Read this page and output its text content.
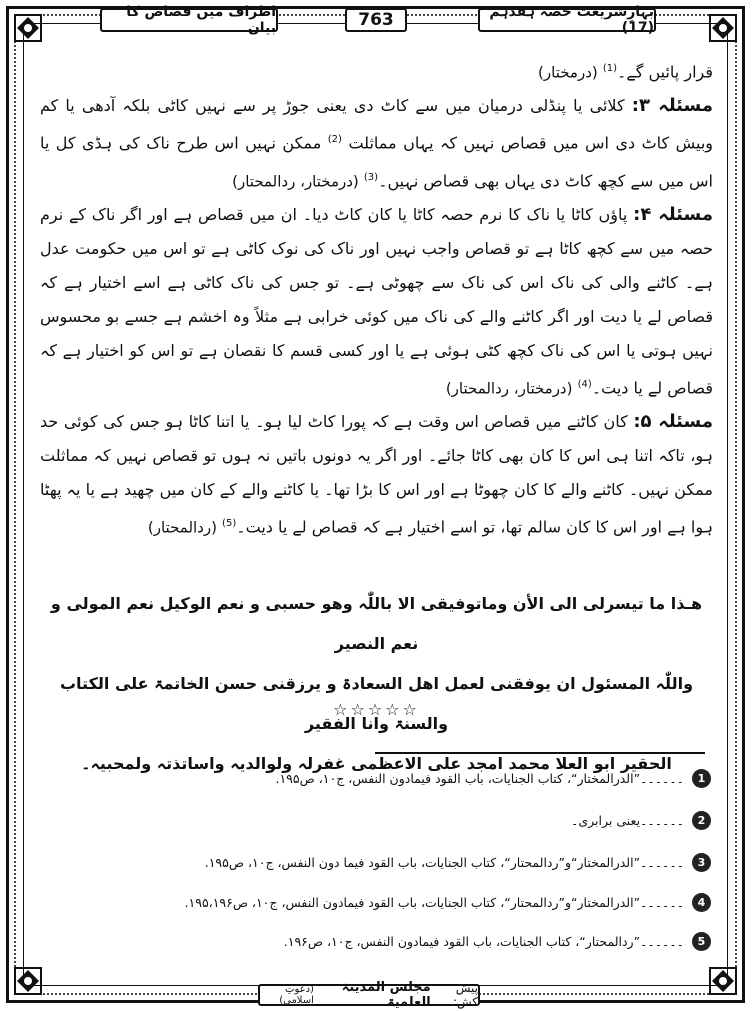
اطراف میں قصاص کا بیان	763	بہارِشریعت حصہ ہفدہم (17)

قرار پائیں گے۔$^{(1)}$ (درمختار)

مسئلہ ۳: کلائی یا پنڈلی درمیان میں سے کاٹ دی یعنی جوڑ پر سے نہیں کاٹی بلکہ آدھی یا کم وبیش کاٹ دی اس میں قصاص نہیں کہ یہاں مماثلت $^{(2)}$ ممکن نہیں اس طرح ناک کی ہڈی کل یا اس میں سے کچھ کاٹ دی یہاں بھی قصاص نہیں۔$^{(3)}$ (درمختار، ردالمحتار)

مسئلہ ۴: پاؤں کاٹا یا ناک کا نرم حصہ کاٹا یا کان کاٹ دیا۔ ان میں قصاص ہے اور اگر ناک کے نرم حصہ میں سے کچھ کاٹا ہے تو قصاص واجب نہیں اور ناک کی نوک کاٹی ہے تو اس میں حکومت عدل ہے۔ کاٹنے والی کی ناک اس کی ناک سے چھوٹی ہے۔ تو جس کی ناک کاٹی ہے اسے اختیار ہے کہ قصاص لے یا دیت اور اگر کاٹنے والے کی ناک میں کوئی خرابی ہے مثلاً وہ اخشم ہے جسے بو محسوس نہیں ہوتی یا اس کی ناک کچھ کٹی ہوئی ہے یا اور کسی قسم کا نقصان ہے تو اس کو اختیار ہے کہ قصاص لے یا دیت۔$^{(4)}$ (درمختار، ردالمحتار)

مسئلہ ۵: کان کاٹنے میں قصاص اس وقت ہے کہ پورا کاٹ لیا ہو۔ یا اتنا کاٹا ہو جس کی کوئی حد ہو، تاکہ اتنا ہی اس کا کان بھی کاٹا جائے۔ اور اگر یہ دونوں باتیں نہ ہوں تو قصاص نہیں کہ مماثلت ممکن نہیں۔ کاٹنے والے کا کان چھوٹا ہے اور اس کا بڑا تھا۔ یا کاٹنے والے کے کان میں چھید ہے یا یہ پھٹا ہوا ہے اور اس کا کان سالم تھا، تو اسے اختیار ہے کہ قصاص لے یا دیت۔$^{(5)}$ (ردالمحتار)

ھـذا ما تیسرلی الی الأن وماتوفیقی الا باللّٰہ وھو حسبی و نعم الوکیل نعم المولی و نعم النصیر
واللّٰہ المسئول ان یوفقنی لعمل اھل السعادۃ و یرزقنی حسن الخاتمۃ علی الکتاب والسنۃ وانا الفقیر
الحقیر ابو العلا محمد امجد علی الاعظمی غفرلہ ولوالدیہ واساتذتہ ولمحبیہ۔
☆☆☆☆☆
1
۔۔۔۔۔۔”الدرالمختار“، کتاب الجنایات، باب القود فیمادون النفس، ج۱۰، ص۱۹۵.
2
۔۔۔۔۔۔یعنی برابری۔
3
۔۔۔۔۔۔”الدرالمختار“و”ردالمحتار“، کتاب الجنایات، باب القود فیما دون النفس، ج۱۰، ص۱۹۵.
4
۔۔۔۔۔۔”الدرالمختار“و”ردالمحتار“، کتاب الجنایات، باب القود فیمادون النفس، ج۱۰، ص۱۹۵،۱۹۶.
5
۔۔۔۔۔۔”ردالمحتار“، کتاب الجنایات، باب القود فیمادون النفس، ج۱۰، ص۱۹۶.
پیش کش:
مجلس المدینۃ العلمیۃ
(دعوتِ اسلامی)
